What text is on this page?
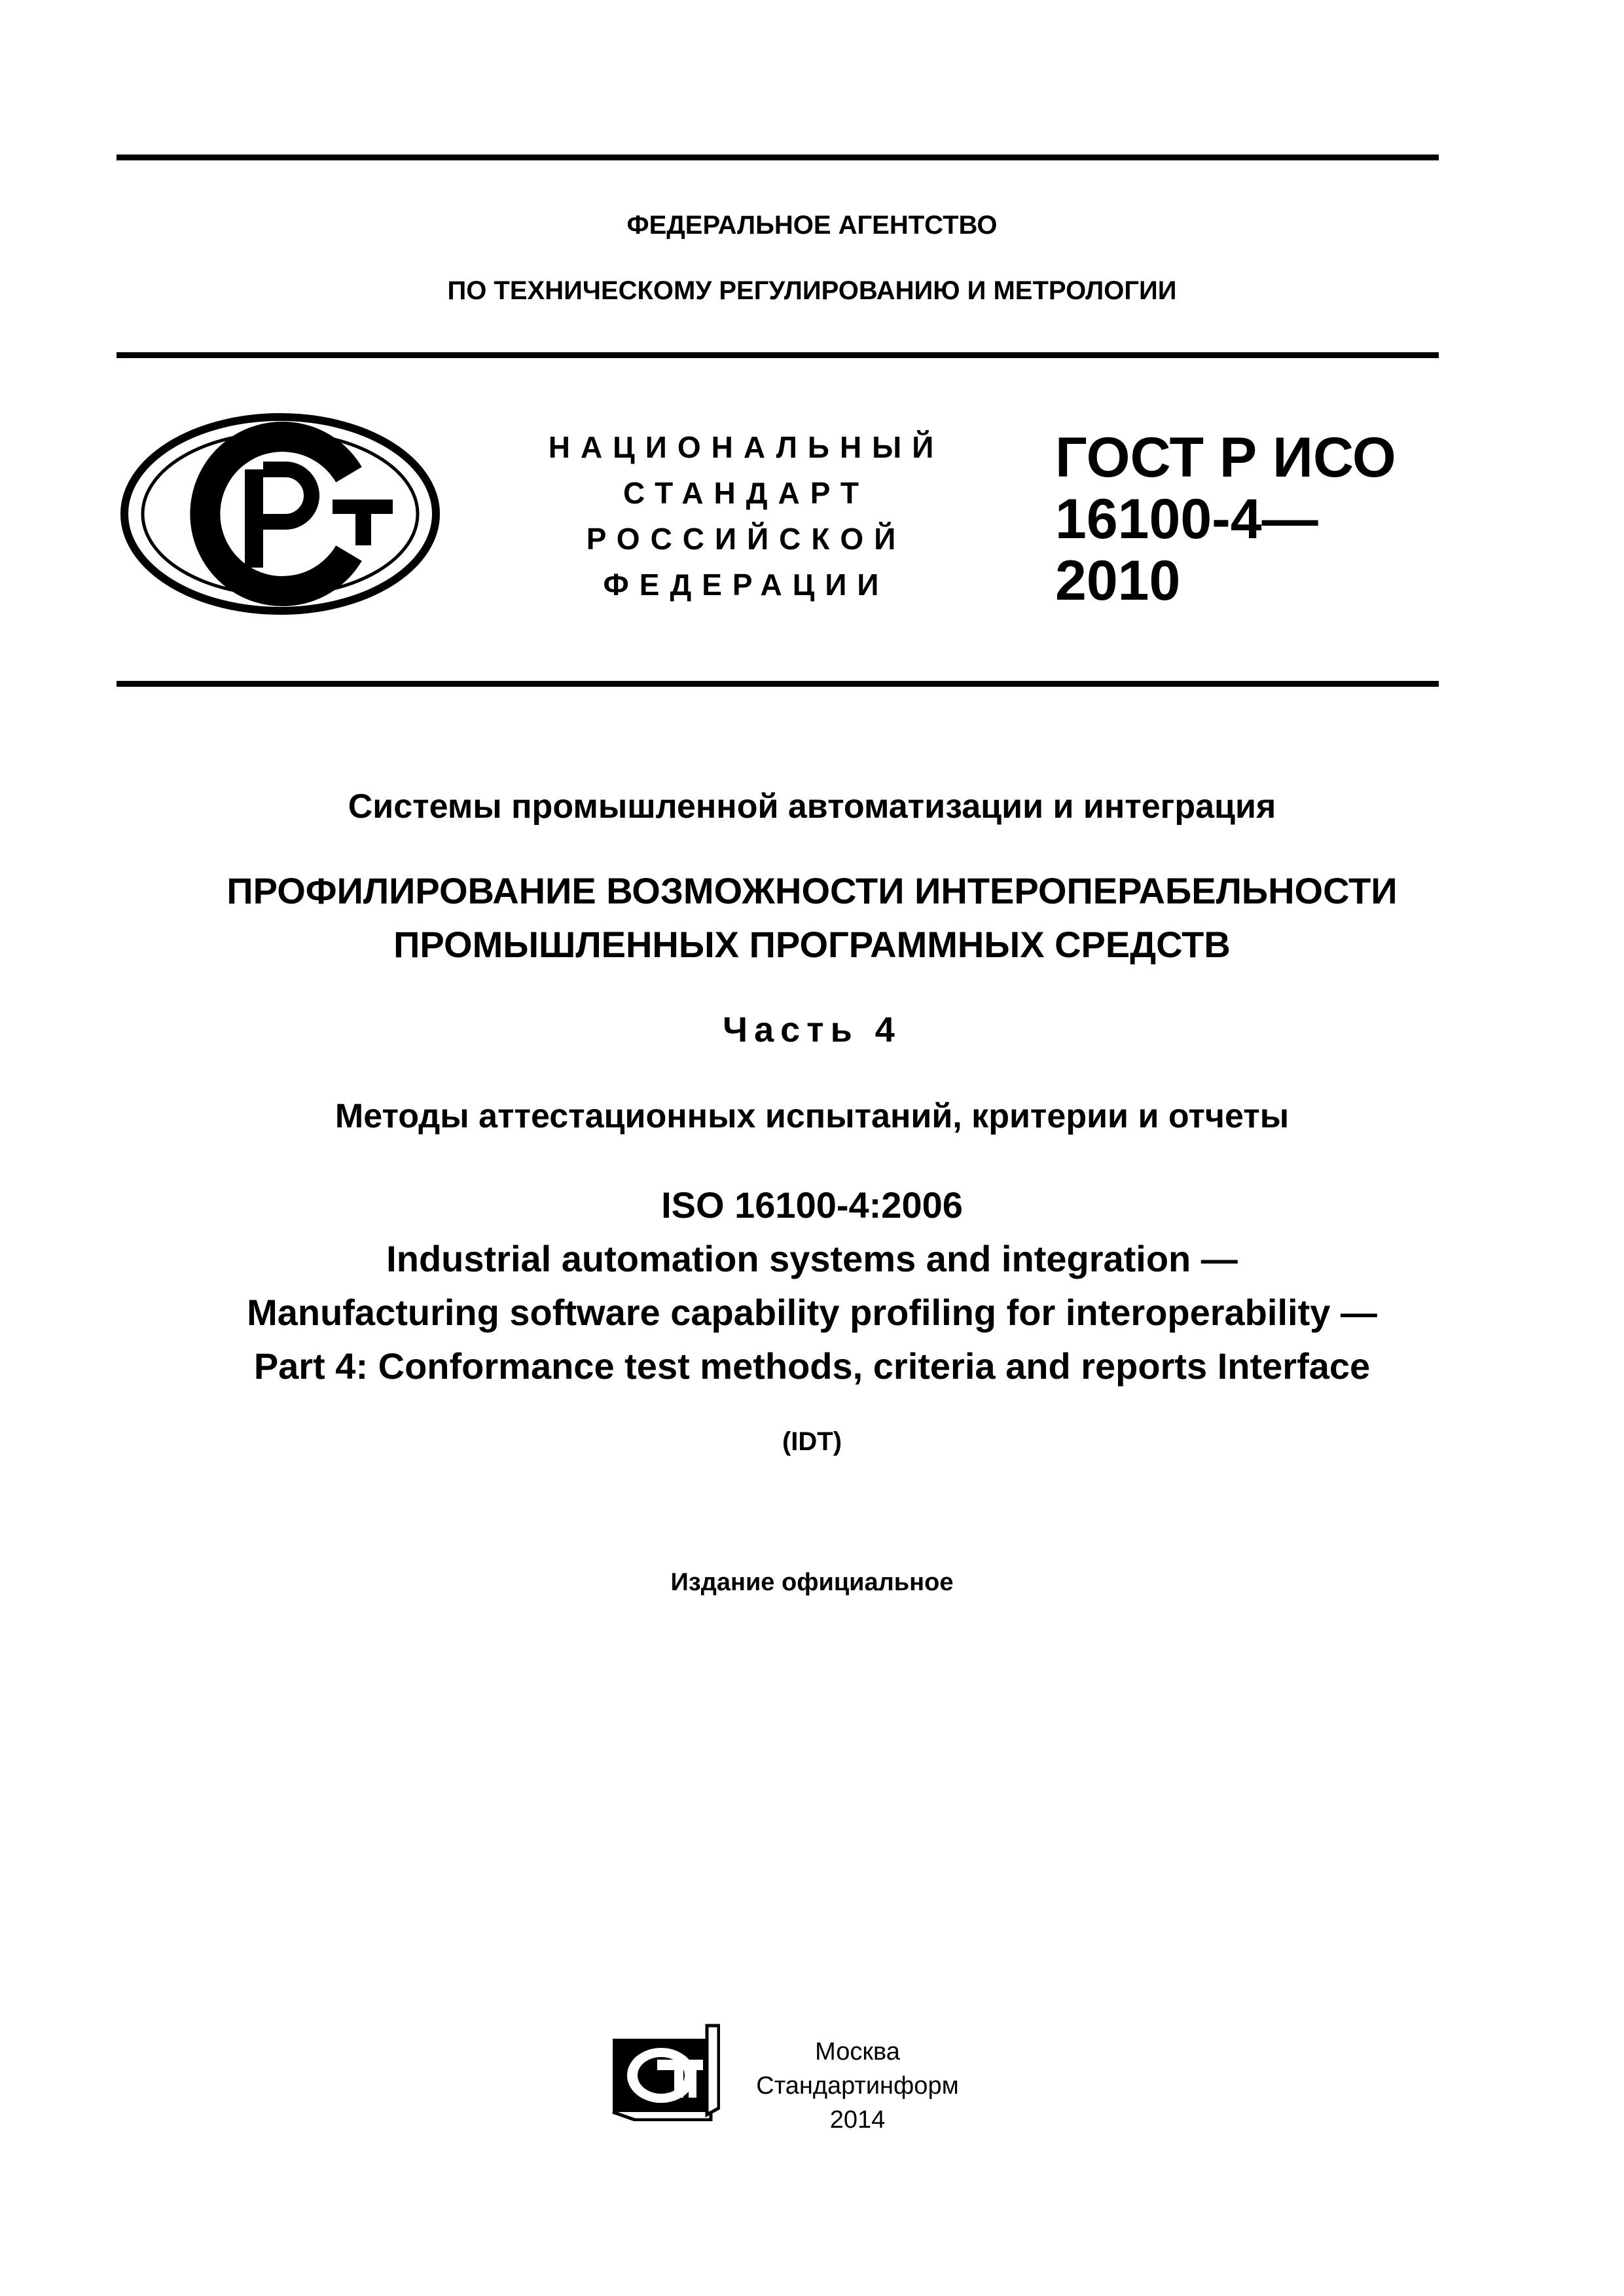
ФЕДЕРАЛЬНОЕ АГЕНТСТВО
ПО ТЕХНИЧЕСКОМУ РЕГУЛИРОВАНИЮ И МЕТРОЛОГИИ
НАЦИОНАЛЬНЫЙ
СТАНДАРТ
РОССИЙСКОЙ
ФЕДЕРАЦИИ
ГОСТ Р ИСО
16100-4—
2010
Системы промышленной автоматизации и интеграция
ПРОФИЛИРОВАНИЕ ВОЗМОЖНОСТИ ИНТЕРОПЕРАБЕЛЬНОСТИ
ПРОМЫШЛЕННЫХ ПРОГРАММНЫХ СРЕДСТВ
Часть 4
Методы аттестационных испытаний, критерии и отчеты
ISO 16100-4:2006
Industrial automation systems and integration —
Manufacturing software capability profiling for interoperability —
Part 4: Conformance test methods, criteria and reports Interface
(IDT)
Издание официальное
Москва
Стандартинформ
2014
